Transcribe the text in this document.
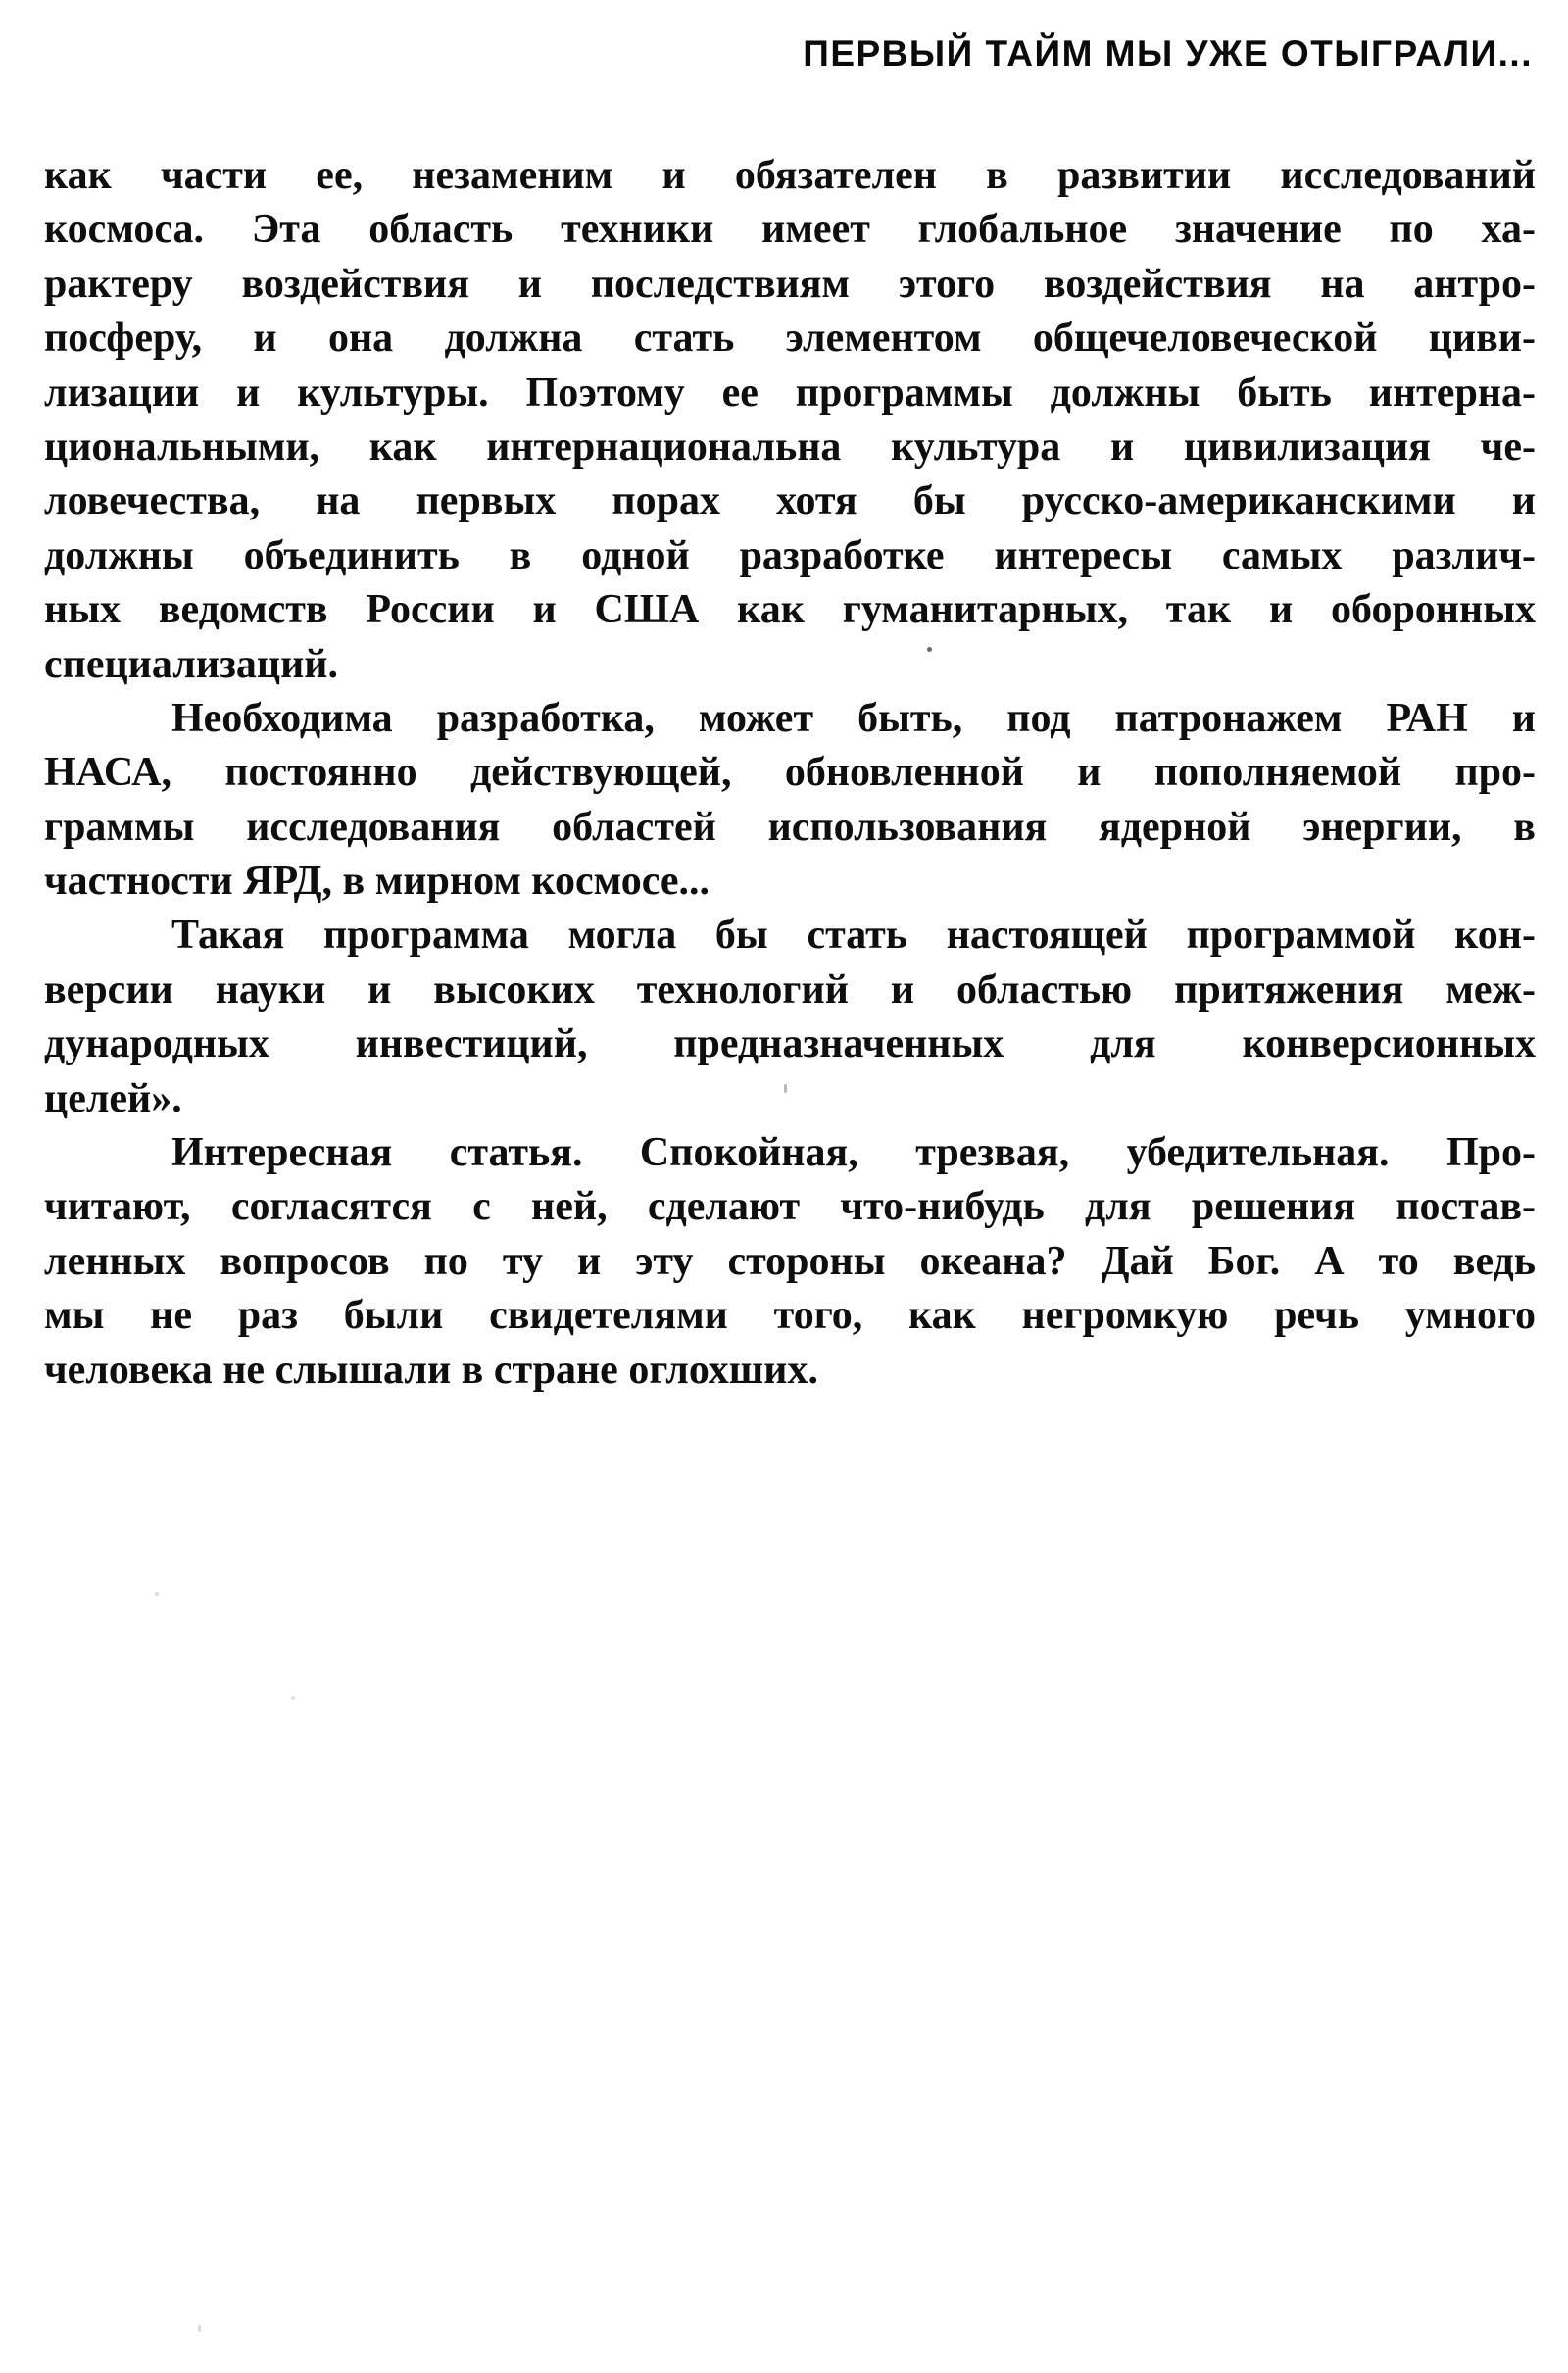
ПЕРВЫЙ ТАЙМ МЫ УЖЕ ОТЫГРАЛИ...
как части ее, незаменим и обязателен в развитии исследований
космоса. Эта область техники имеет глобальное значение по ха-
рактеру воздействия и последствиям этого воздействия на антро-
посферу, и она должна стать элементом общечеловеческой циви-
лизации и культуры. Поэтому ее программы должны быть интерна-
циональными, как интернациональна культура и цивилизация че-
ловечества, на первых порах хотя бы русско-американскими и
должны объединить в одной разработке интересы самых различ-
ных ведомств России и США как гуманитарных, так и оборонных
специализаций.
Необходима разработка, может быть, под патронажем РАН и
НАСА, постоянно действующей, обновленной и пополняемой про-
граммы исследования областей использования ядерной энергии, в
частности ЯРД, в мирном космосе...
Такая программа могла бы стать настоящей программой кон-
версии науки и высоких технологий и областью притяжения меж-
дународных инвестиций, предназначенных для конверсионных
целей».
Интересная статья. Спокойная, трезвая, убедительная. Про-
читают, согласятся с ней, сделают что-нибудь для решения постав-
ленных вопросов по ту и эту стороны океана? Дай Бог. А то ведь
мы не раз были свидетелями того, как негромкую речь умного
человека не слышали в стране оглохших.
